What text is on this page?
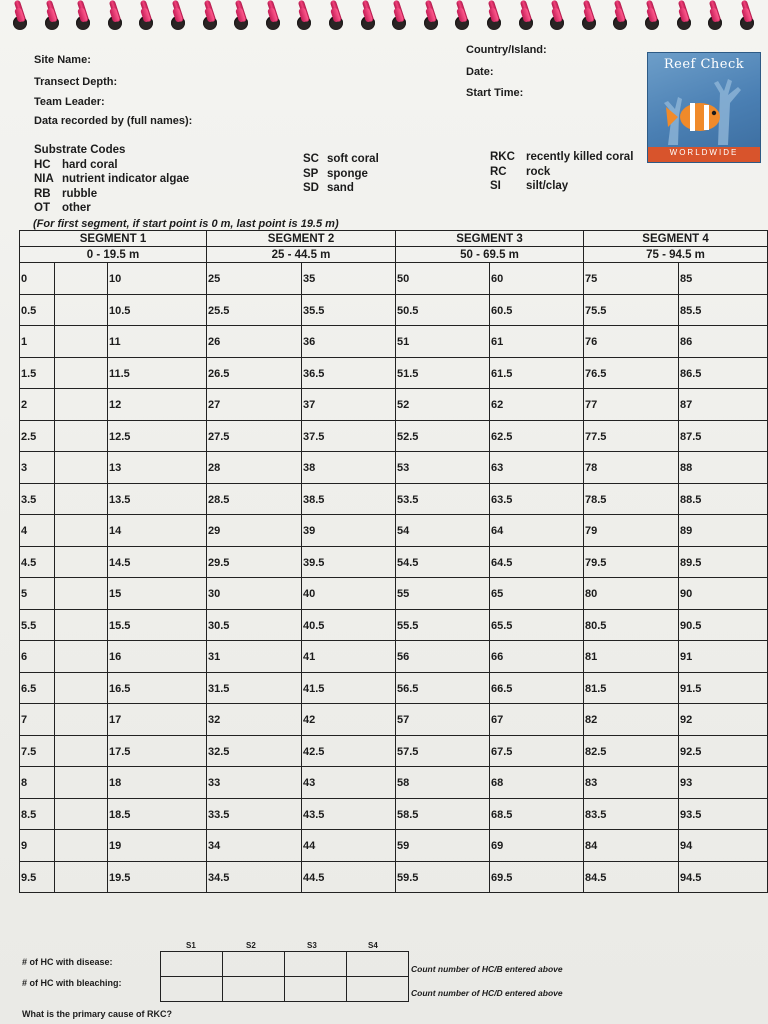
Site Name:
Transect Depth:
Team Leader:
Data recorded by (full names):
Country/Island:
Date:
Start Time:
Reef Check
WORLDWIDE
Substrate Codes
HC hard coral
NIA nutrient indicator algae
RB rubble
OT other
SC soft coral
SP sponge
SD sand
RKC recently killed coral
RC rock
SI silt/clay
(For first segment, if start point is 0 m, last point is 19.5 m)
SEGMENT 1			SEGMENT 2		SEGMENT 3		SEGMENT 4	
0 - 19.5 m			25 - 44.5 m		50 - 69.5 m		75 - 94.5 m	

0		10	25	35	50	60	75	85

0.5		10.5	25.5	35.5	50.5	60.5	75.5	85.5

1		11	26	36	51	61	76	86

1.5		11.5	26.5	36.5	51.5	61.5	76.5	86.5

2		12	27	37	52	62	77	87

2.5		12.5	27.5	37.5	52.5	62.5	77.5	87.5

3		13	28	38	53	63	78	88

3.5		13.5	28.5	38.5	53.5	63.5	78.5	88.5

4		14	29	39	54	64	79	89

4.5		14.5	29.5	39.5	54.5	64.5	79.5	89.5

5		15	30	40	55	65	80	90

5.5		15.5	30.5	40.5	55.5	65.5	80.5	90.5

6		16	31	41	56	66	81	91

6.5		16.5	31.5	41.5	56.5	66.5	81.5	91.5

7		17	32	42	57	67	82	92

7.5		17.5	32.5	42.5	57.5	67.5	82.5	92.5

8		18	33	43	58	68	83	93

8.5		18.5	33.5	43.5	58.5	68.5	83.5	93.5

9		19	34	44	59	69	84	94

9.5		19.5	34.5	44.5	59.5	69.5	84.5	94.5
S1	S2	S3	S4
# of HC with disease:
# of HC with bleaching:

Count number of HC/B entered above
Count number of HC/D entered above
What is the primary cause of RKC?
